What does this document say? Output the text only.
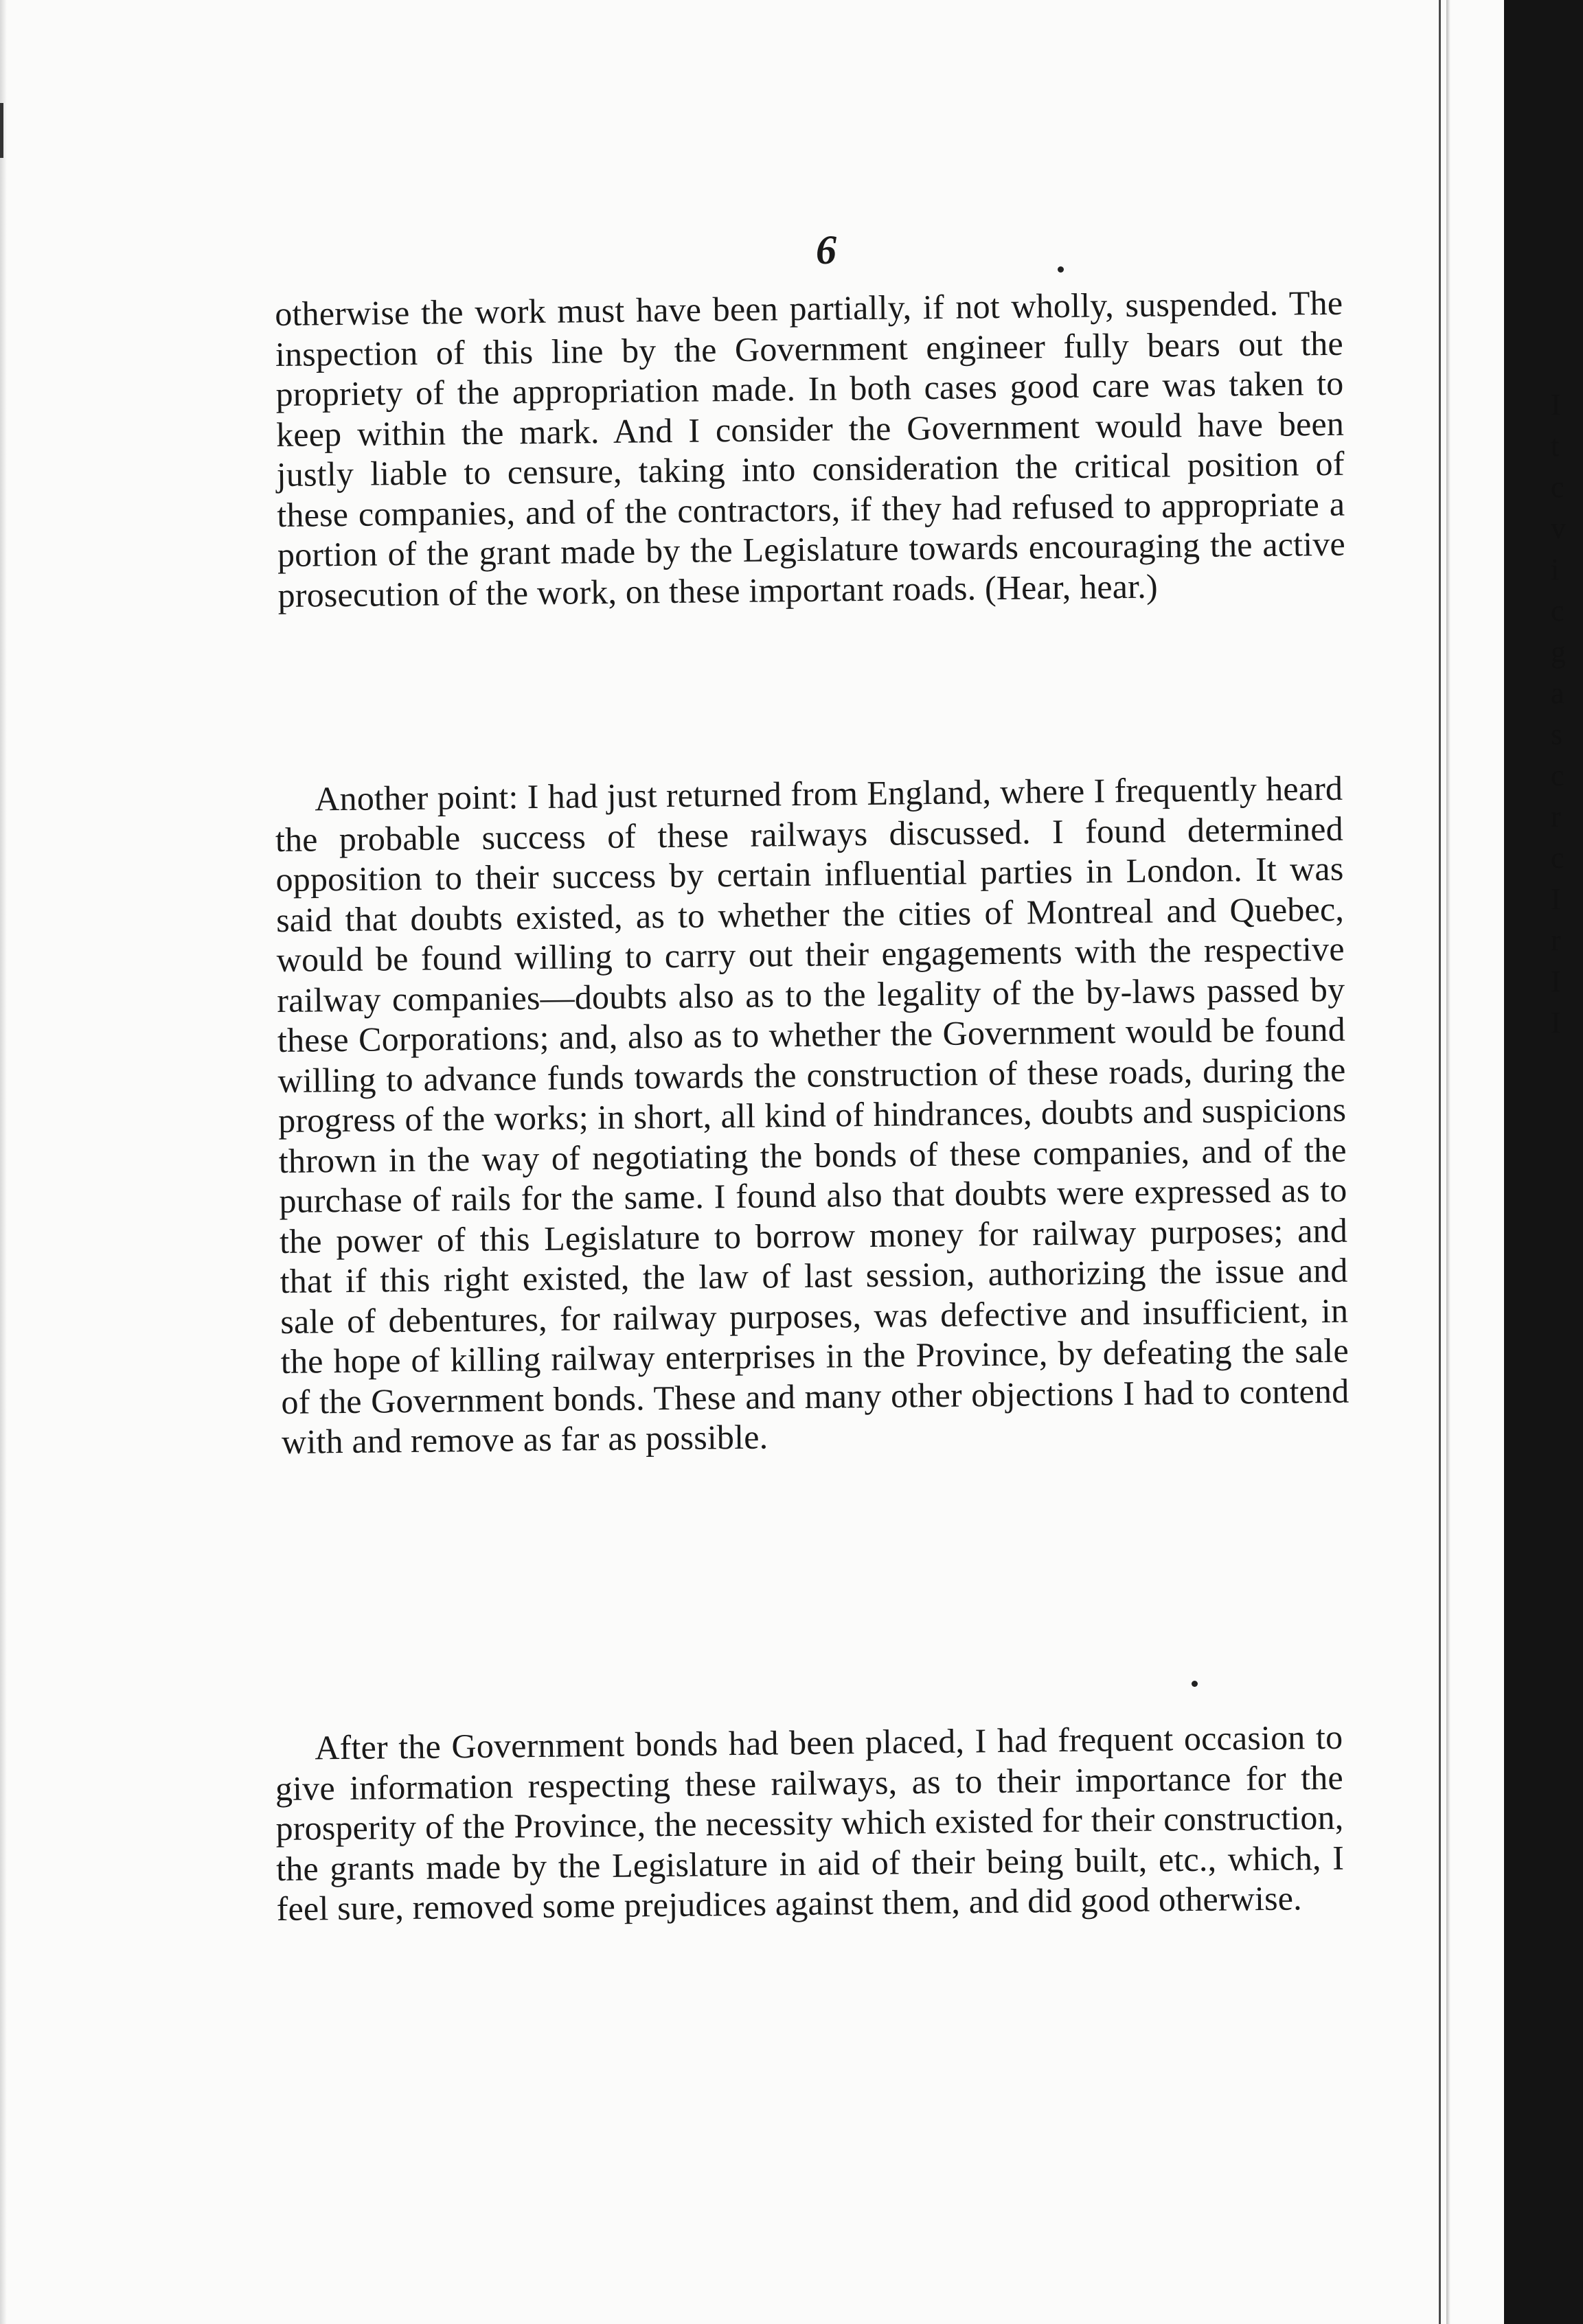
I
t
c
v
i
c
g
a
s
c
r
c
I
r
I
I
6

otherwise the work must have been partially, if not wholly, suspended. The inspection of this line by the Government engineer fully bears out the propriety of the appropriation made. In both cases good care was taken to keep within the mark. And I consider the Government would have been justly liable to censure, taking into consideration the critical position of these companies, and of the contractors, if they had refused to appropriate a portion of the grant made by the Legislature towards encouraging the active prosecution of the work, on these important roads. (Hear, hear.)

Another point: I had just returned from England, where I frequently heard the probable success of these railways discussed. I found determined opposition to their success by certain influential parties in London. It was said that doubts existed, as to whether the cities of Montreal and Quebec, would be found willing to carry out their engagements with the respective railway companies—doubts also as to the legality of the by-laws passed by these Corporations; and, also as to whether the Government would be found willing to advance funds towards the construction of these roads, during the progress of the works; in short, all kind of hindrances, doubts and suspicions thrown in the way of negotiating the bonds of these companies, and of the purchase of rails for the same. I found also that doubts were expressed as to the power of this Legislature to borrow money for railway purposes; and that if this right existed, the law of last session, authorizing the issue and sale of debentures, for railway purposes, was defective and insufficient, in the hope of killing railway enterprises in the Province, by defeating the sale of the Government bonds. These and many other objections I had to contend with and remove as far as possible.

After the Government bonds had been placed, I had frequent occasion to give information respecting these railways, as to their importance for the prosperity of the Province, the necessity which existed for their construction, the grants made by the Legislature in aid of their being built, etc., which, I feel sure, removed some prejudices against them, and did good otherwise.
